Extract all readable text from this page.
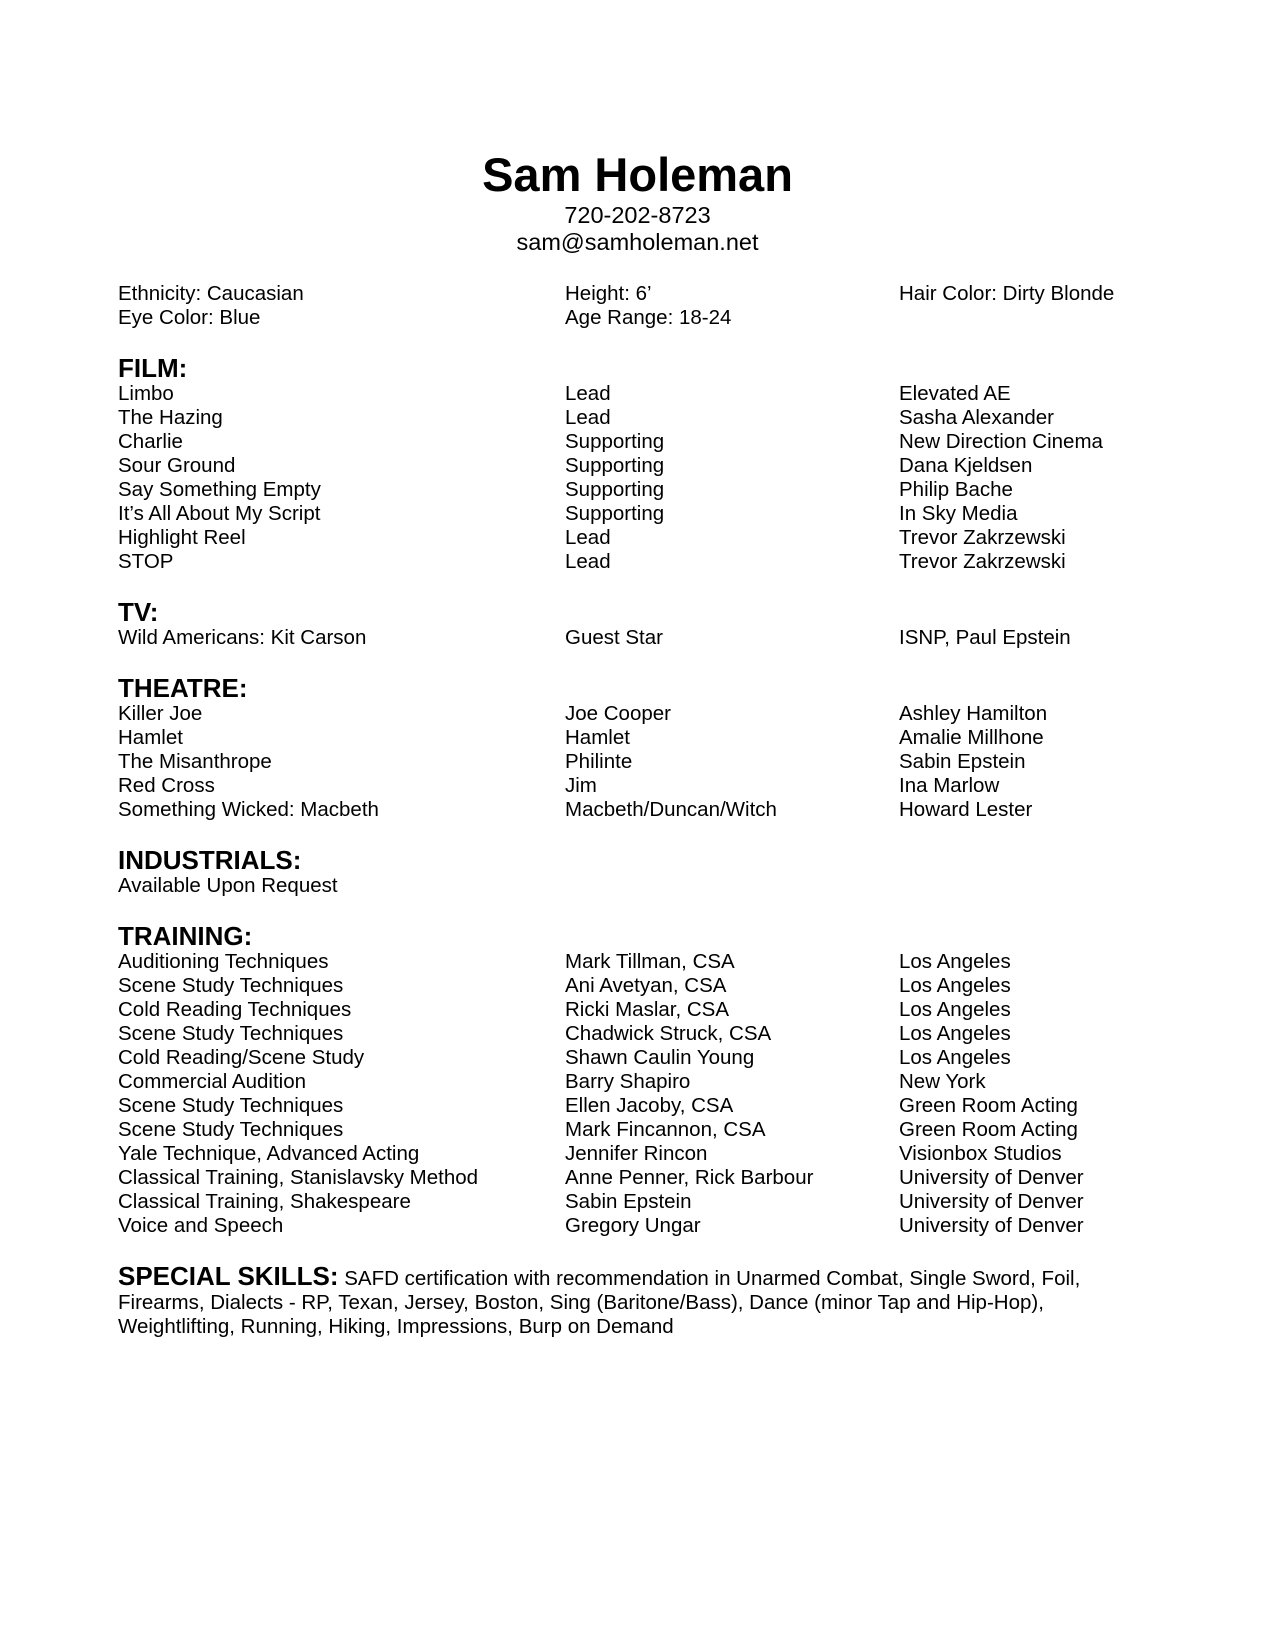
Sam Holeman
720-202-8723
sam@samholeman.net
Ethnicity: Caucasian	Height: 6’	Hair Color: Dirty Blonde
Eye Color: Blue	Age Range: 18-24
FILM:
Limbo	Lead	Elevated AE
The Hazing	Lead	Sasha Alexander
Charlie	Supporting	New Direction Cinema
Sour Ground	Supporting	Dana Kjeldsen
Say Something Empty	Supporting	Philip Bache
It’s All About My Script	Supporting	In Sky Media
Highlight Reel	Lead	Trevor Zakrzewski
STOP	Lead	Trevor Zakrzewski
TV:
Wild Americans: Kit Carson	Guest Star	ISNP, Paul Epstein
THEATRE:
Killer Joe	Joe Cooper	Ashley Hamilton
Hamlet	Hamlet	Amalie Millhone
The Misanthrope	Philinte	Sabin Epstein
Red Cross	Jim	Ina Marlow
Something Wicked: Macbeth	Macbeth/Duncan/Witch	Howard Lester
INDUSTRIALS:
Available Upon Request
TRAINING:
Auditioning Techniques	Mark Tillman, CSA	Los Angeles
Scene Study Techniques	Ani Avetyan, CSA	Los Angeles
Cold Reading Techniques	Ricki Maslar, CSA	Los Angeles
Scene Study Techniques	Chadwick Struck, CSA	Los Angeles
Cold Reading/Scene Study	Shawn Caulin Young	Los Angeles
Commercial Audition	Barry Shapiro	New York
Scene Study Techniques	Ellen Jacoby, CSA	Green Room Acting
Scene Study Techniques	Mark Fincannon, CSA	Green Room Acting
Yale Technique, Advanced Acting	Jennifer Rincon	Visionbox Studios
Classical Training, Stanislavsky Method	Anne Penner, Rick Barbour	University of Denver
Classical Training, Shakespeare	Sabin Epstein	University of Denver
Voice and Speech	Gregory Ungar	University of Denver
SPECIAL SKILLS: SAFD certification with recommendation in Unarmed Combat, Single Sword, Foil, Firearms, Dialects - RP, Texan, Jersey, Boston, Sing (Baritone/Bass), Dance (minor Tap and Hip-Hop), Weightlifting, Running, Hiking, Impressions, Burp on Demand
